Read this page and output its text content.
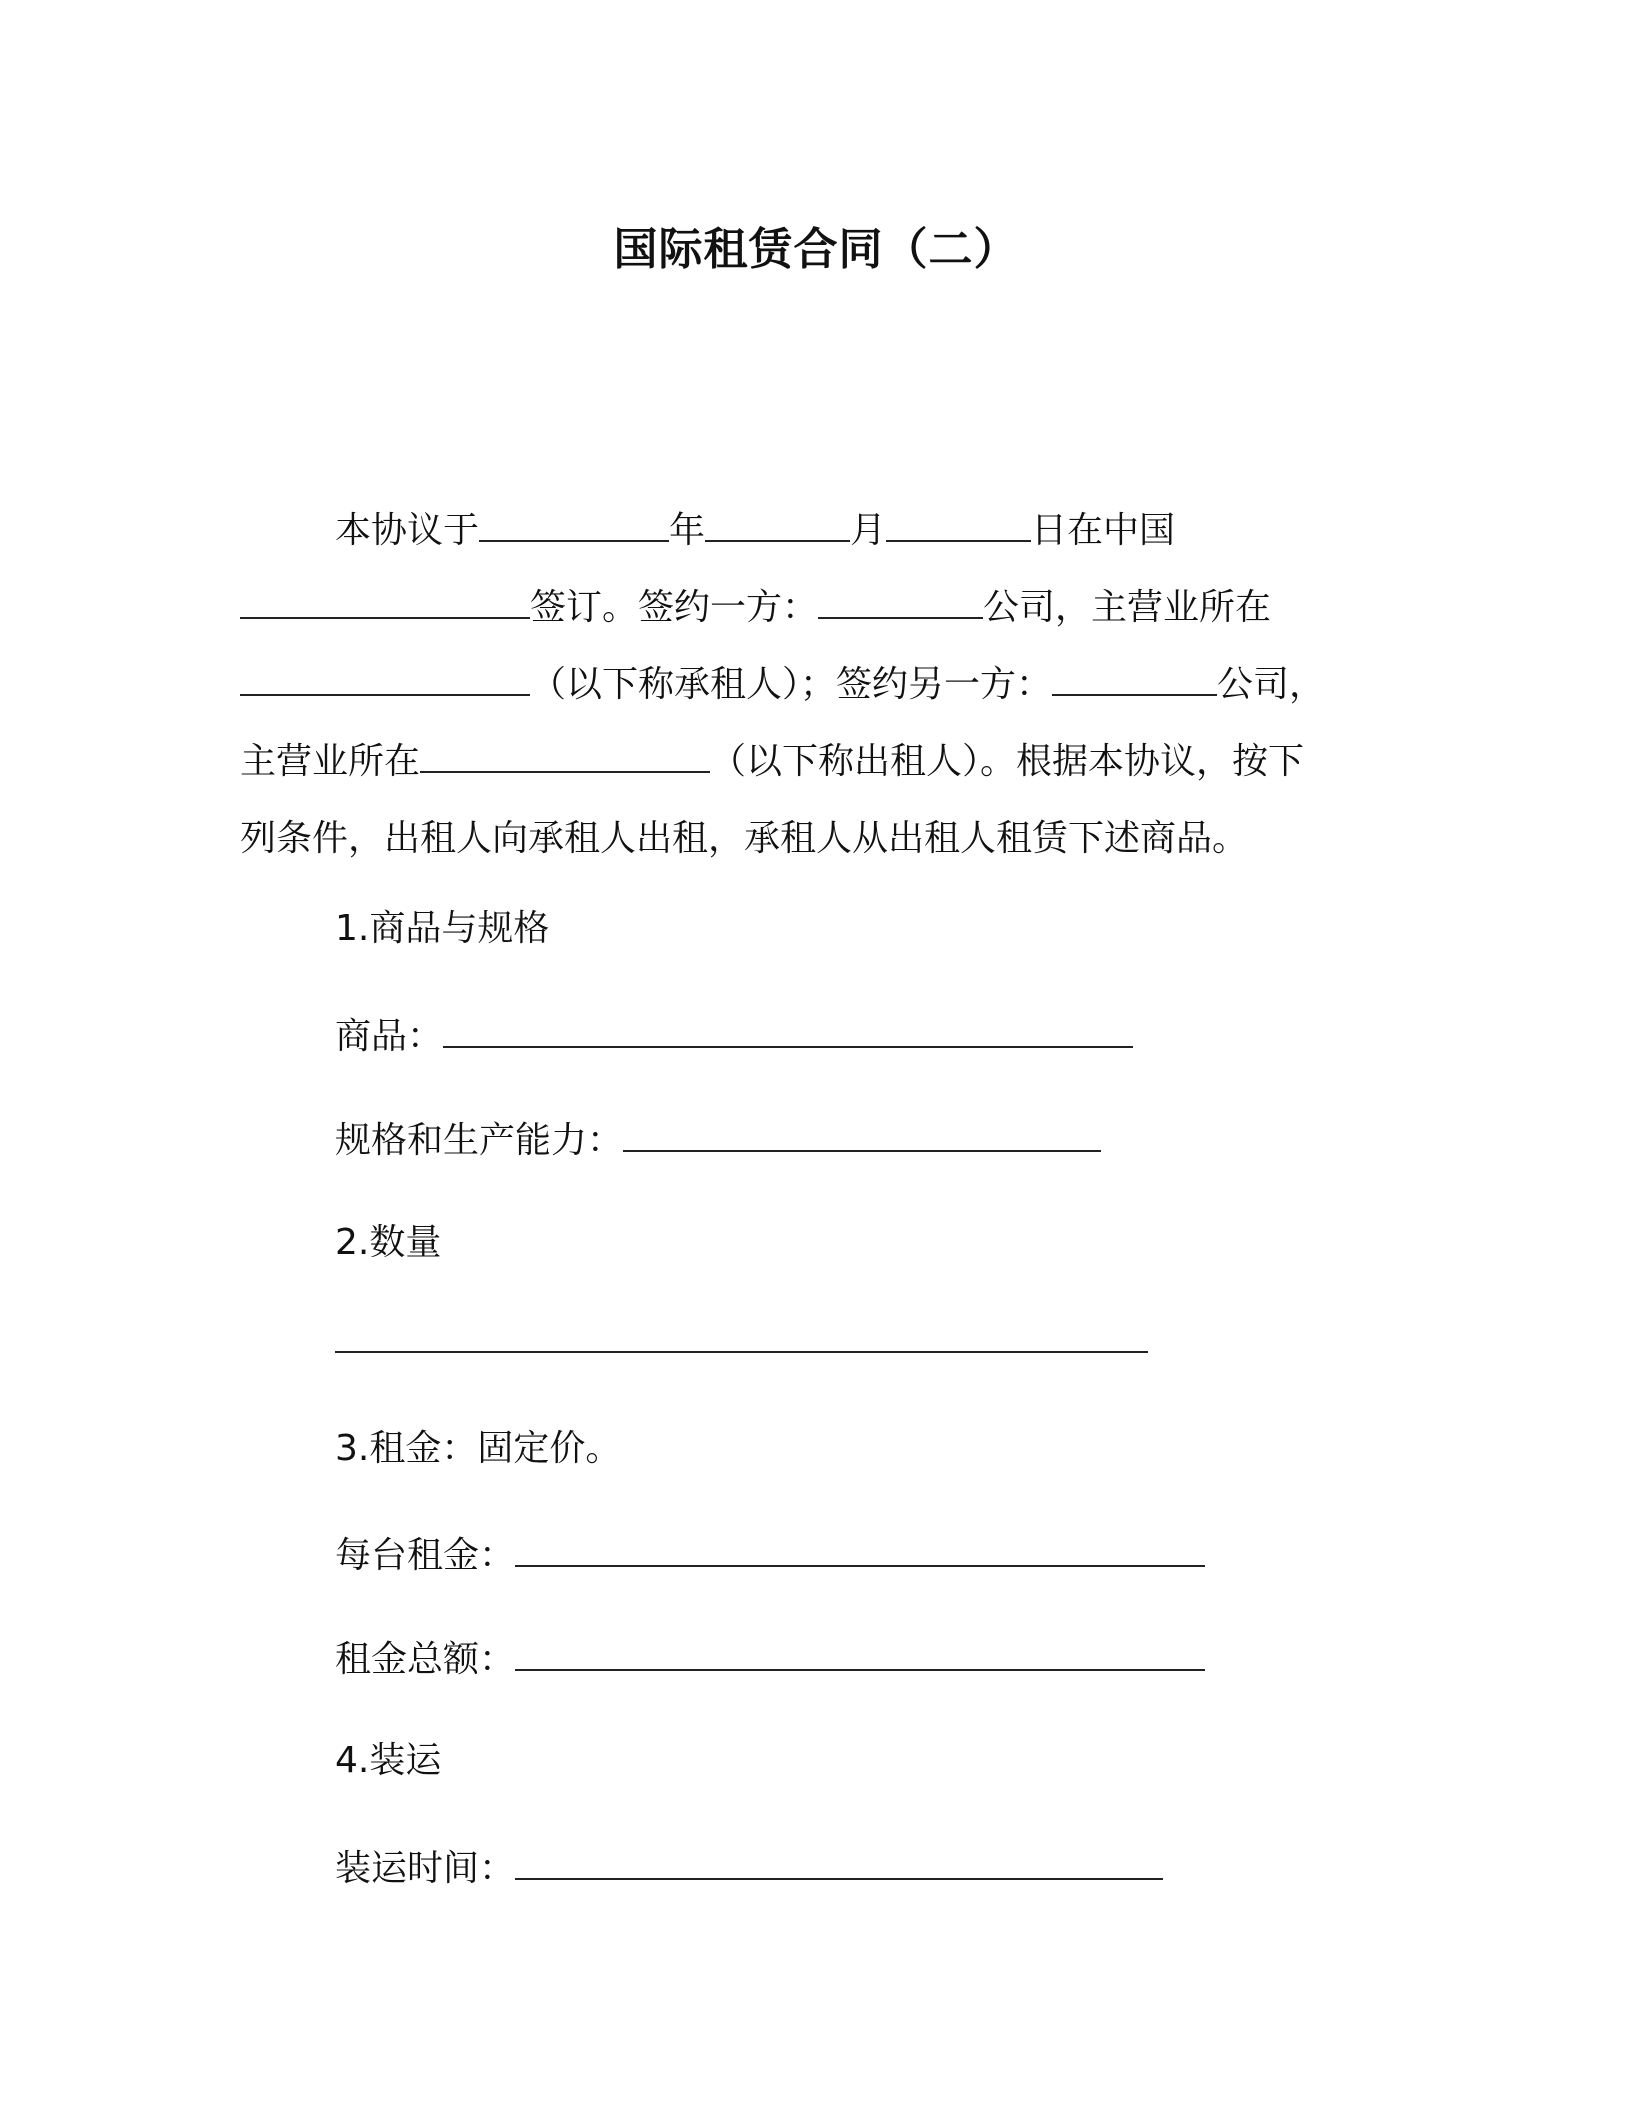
国际租赁合同（二）
本协议于	年	月	日在中国
签订。签约一方：	公司，主营业所在
（以下称承租人）；签约另一方：	公司，
主营业所在	（以下称出租人）。根据本协议，按下
列条件，出租人向承租人出租，承租人从出租人租赁下述商品。
1.商品与规格
商品：
规格和生产能力：
2.数量
3.租金：固定价。
每台租金：
租金总额：
4.装运
装运时间：
